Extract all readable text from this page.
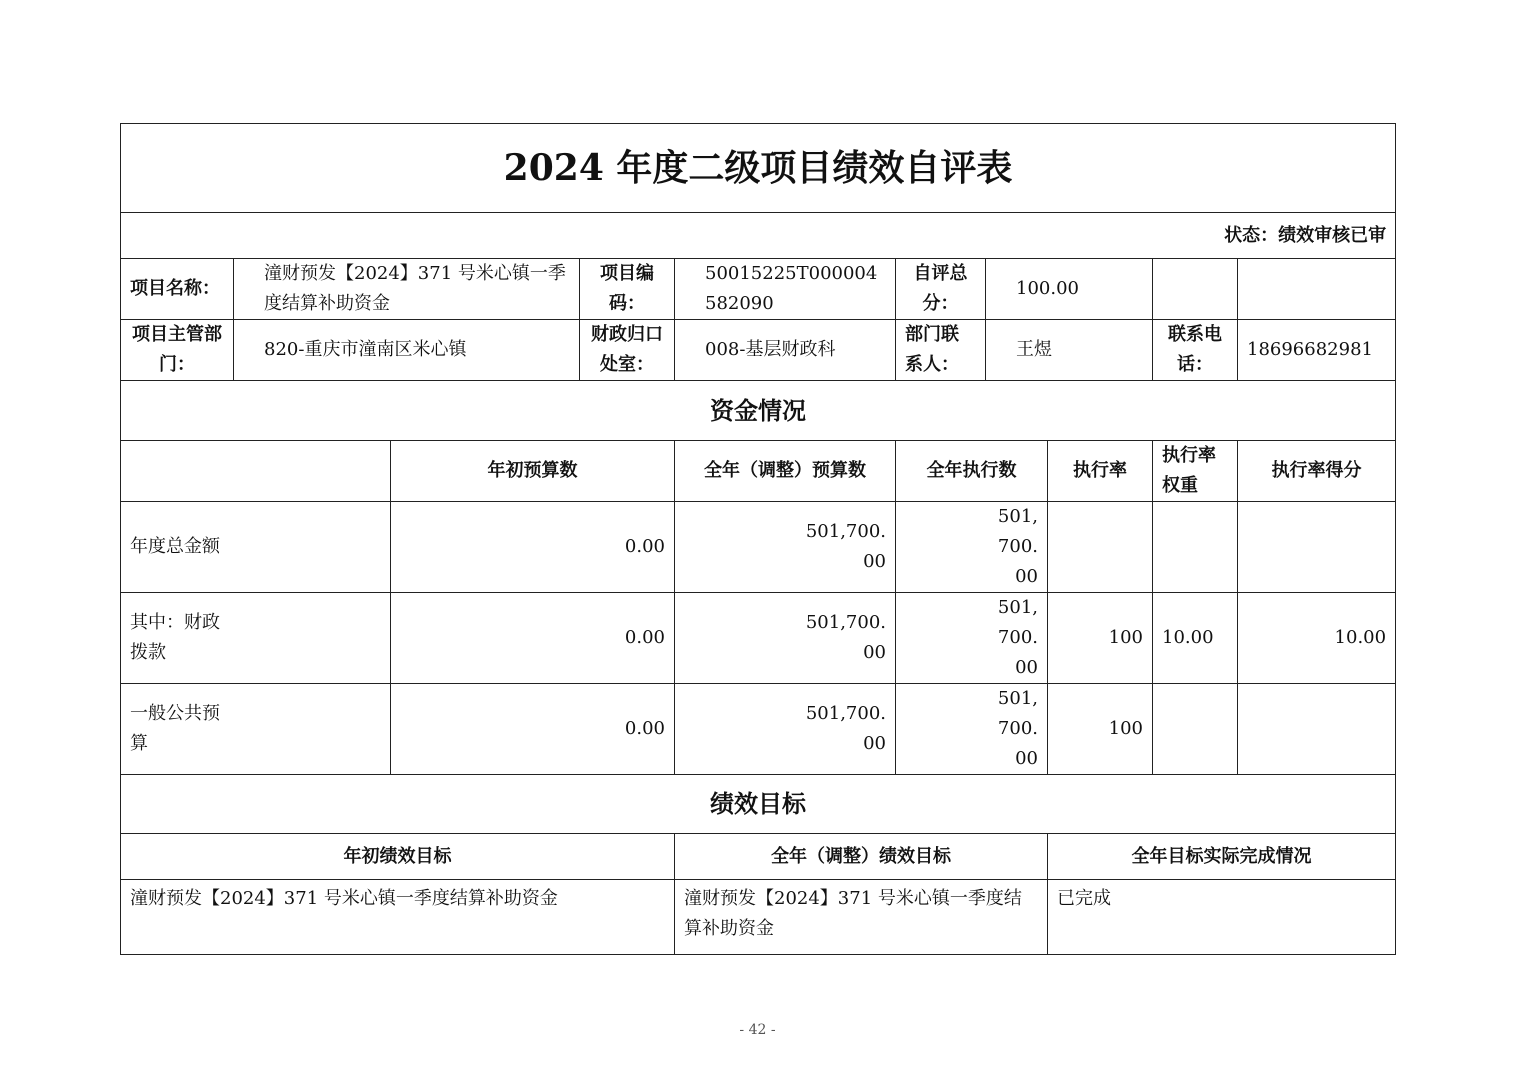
2024 年度二级项目绩效自评表									
状态：绩效审核已审									
项目名称：	潼财预发【2024】371 号米心镇一季度结算补助资金		项目编码：	50015225T000004582090	自评总分：	100.00			
项目主管部门：	820-重庆市潼南区米心镇		财政归口处室：	008-基层财政科	部门联系人：	王煜		联系电话：	18696682981
资金情况									
		年初预算数		全年（调整）预算数	全年执行数		执行率	执行率权重	执行率得分
年度总金额		0.00		501,700.00	501,700.00				
其中：财政拨款		0.00		501,700.00	501,700.00		100	10.00	10.00
一般公共预算		0.00		501,700.00	501,700.00		100		
绩效目标									
年初绩效目标				全年（调整）绩效目标			全年目标实际完成情况		
潼财预发【2024】371 号米心镇一季度结算补助资金				潼财预发【2024】371 号米心镇一季度结算补助资金			已完成		
- 42 -
